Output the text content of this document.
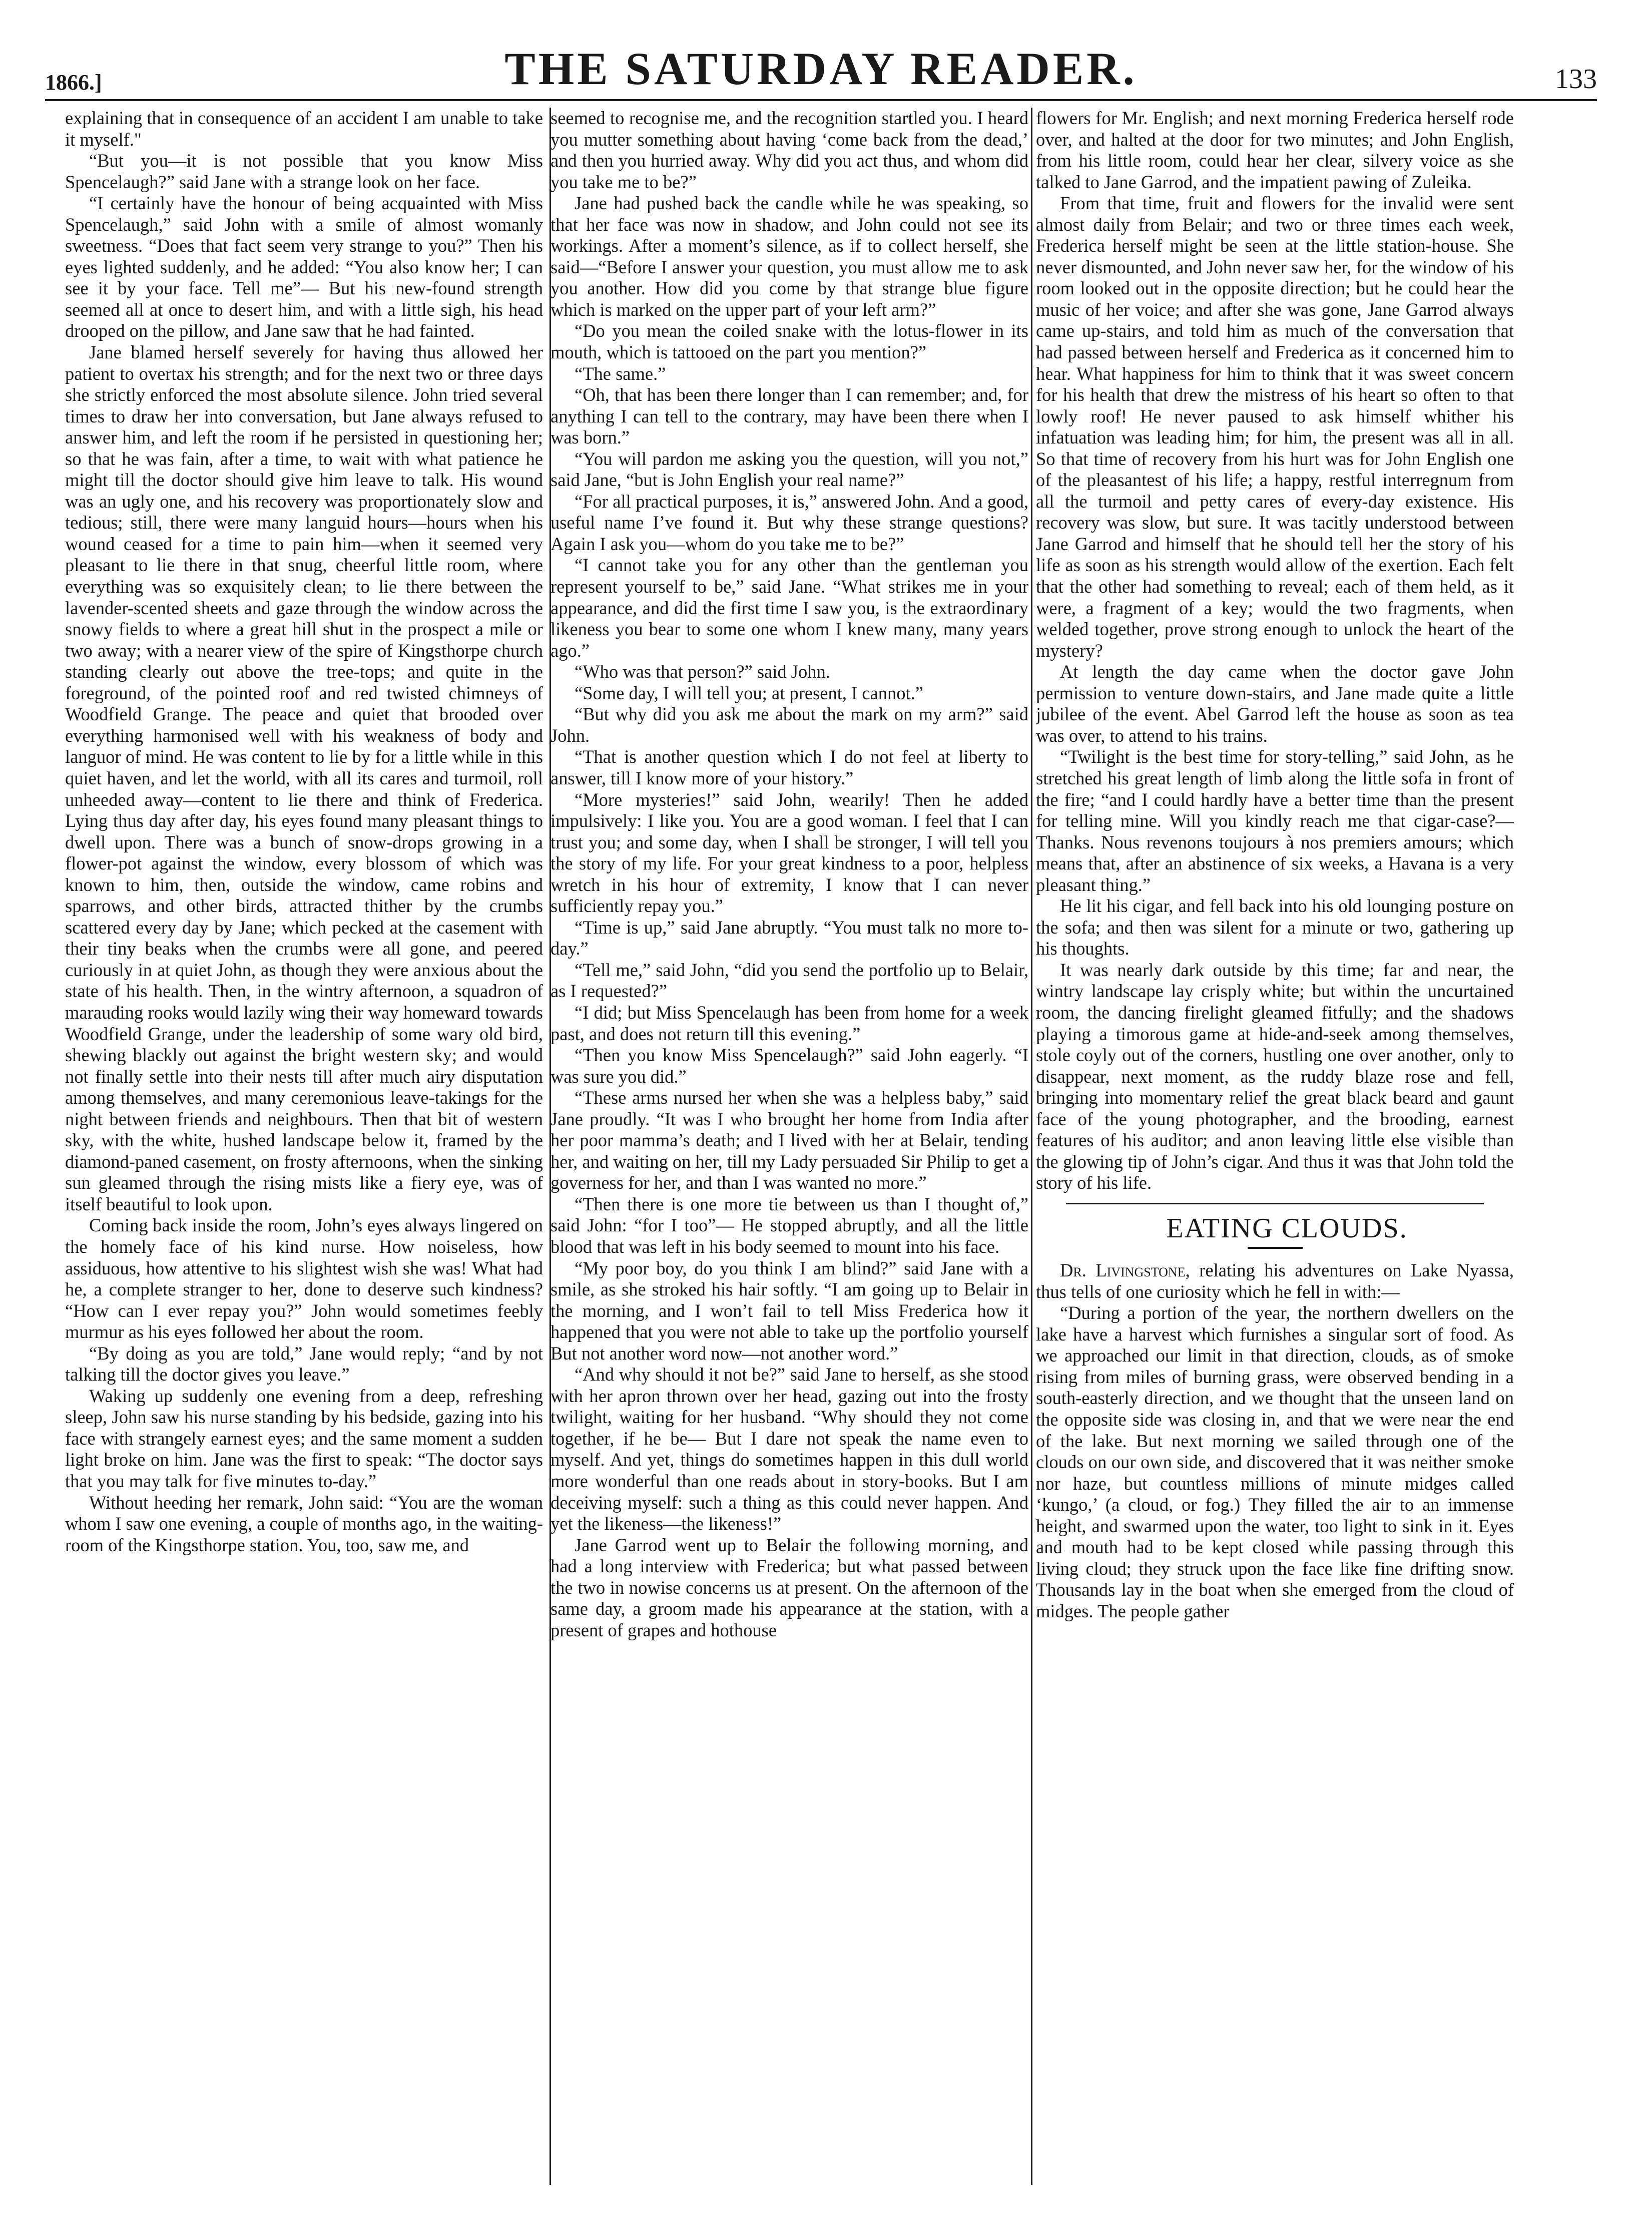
1866.]	THE SATURDAY READER.	133

explaining that in consequence of an accident I am unable to take it myself."

“But you—it is not possible that you know Miss Spencelaugh?” said Jane with a strange look on her face.

“I certainly have the honour of being acquainted with Miss Spencelaugh,” said John with a smile of almost womanly sweetness. “Does that fact seem very strange to you?” Then his eyes lighted suddenly, and he added: “You also know her; I can see it by your face. Tell me”— But his new-found strength seemed all at once to desert him, and with a little sigh, his head drooped on the pillow, and Jane saw that he had fainted.

Jane blamed herself severely for having thus allowed her patient to overtax his strength; and for the next two or three days she strictly enforced the most absolute silence. John tried several times to draw her into conversation, but Jane always refused to answer him, and left the room if he persisted in questioning her; so that he was fain, after a time, to wait with what patience he might till the doctor should give him leave to talk. His wound was an ugly one, and his recovery was proportionately slow and tedious; still, there were many languid hours—hours when his wound ceased for a time to pain him—when it seemed very pleasant to lie there in that snug, cheerful little room, where everything was so exquisitely clean; to lie there between the lavender-scented sheets and gaze through the window across the snowy fields to where a great hill shut in the prospect a mile or two away; with a nearer view of the spire of Kingsthorpe church standing clearly out above the tree-tops; and quite in the foreground, of the pointed roof and red twisted chimneys of Woodfield Grange. The peace and quiet that brooded over everything harmonised well with his weakness of body and languor of mind. He was content to lie by for a little while in this quiet haven, and let the world, with all its cares and turmoil, roll unheeded away—content to lie there and think of Frederica. Lying thus day after day, his eyes found many pleasant things to dwell upon. There was a bunch of snow-drops growing in a flower-pot against the window, every blossom of which was known to him, then, outside the window, came robins and sparrows, and other birds, attracted thither by the crumbs scattered every day by Jane; which pecked at the casement with their tiny beaks when the crumbs were all gone, and peered curiously in at quiet John, as though they were anxious about the state of his health. Then, in the wintry afternoon, a squadron of marauding rooks would lazily wing their way homeward towards Woodfield Grange, under the leadership of some wary old bird, shewing blackly out against the bright western sky; and would not finally settle into their nests till after much airy disputation among themselves, and many ceremonious leave-takings for the night between friends and neighbours. Then that bit of western sky, with the white, hushed landscape below it, framed by the diamond-paned casement, on frosty afternoons, when the sinking sun gleamed through the rising mists like a fiery eye, was of itself beautiful to look upon.

Coming back inside the room, John’s eyes always lingered on the homely face of his kind nurse. How noiseless, how assiduous, how attentive to his slightest wish she was! What had he, a complete stranger to her, done to deserve such kindness? “How can I ever repay you?” John would sometimes feebly murmur as his eyes followed her about the room.

“By doing as you are told,” Jane would reply; “and by not talking till the doctor gives you leave.”

Waking up suddenly one evening from a deep, refreshing sleep, John saw his nurse standing by his bedside, gazing into his face with strangely earnest eyes; and the same moment a sudden light broke on him. Jane was the first to speak: “The doctor says that you may talk for five minutes to-day.”

Without heeding her remark, John said: “You are the woman whom I saw one evening, a couple of months ago, in the waiting-room of the Kingsthorpe station. You, too, saw me, and

seemed to recognise me, and the recognition startled you. I heard you mutter something about having ‘come back from the dead,’ and then you hurried away. Why did you act thus, and whom did you take me to be?”

Jane had pushed back the candle while he was speaking, so that her face was now in shadow, and John could not see its workings. After a moment’s silence, as if to collect herself, she said—“Before I answer your question, you must allow me to ask you another. How did you come by that strange blue figure which is marked on the upper part of your left arm?”

“Do you mean the coiled snake with the lotus-flower in its mouth, which is tattooed on the part you mention?”

“The same.”

“Oh, that has been there longer than I can remember; and, for anything I can tell to the contrary, may have been there when I was born.”

“You will pardon me asking you the question, will you not,” said Jane, “but is John English your real name?”

“For all practical purposes, it is,” answered John. And a good, useful name I’ve found it. But why these strange questions? Again I ask you—whom do you take me to be?”

“I cannot take you for any other than the gentleman you represent yourself to be,” said Jane. “What strikes me in your appearance, and did the first time I saw you, is the extraordinary likeness you bear to some one whom I knew many, many years ago.”

“Who was that person?” said John.

“Some day, I will tell you; at present, I cannot.”

“But why did you ask me about the mark on my arm?” said John.

“That is another question which I do not feel at liberty to answer, till I know more of your history.”

“More mysteries!” said John, wearily! Then he added impulsively: I like you. You are a good woman. I feel that I can trust you; and some day, when I shall be stronger, I will tell you the story of my life. For your great kindness to a poor, helpless wretch in his hour of extremity, I know that I can never sufficiently repay you.”

“Time is up,” said Jane abruptly. “You must talk no more to-day.”

“Tell me,” said John, “did you send the portfolio up to Belair, as I requested?”

“I did; but Miss Spencelaugh has been from home for a week past, and does not return till this evening.”

“Then you know Miss Spencelaugh?” said John eagerly. “I was sure you did.”

“These arms nursed her when she was a helpless baby,” said Jane proudly. “It was I who brought her home from India after her poor mamma’s death; and I lived with her at Belair, tending her, and waiting on her, till my Lady persuaded Sir Philip to get a governess for her, and than I was wanted no more.”

“Then there is one more tie between us than I thought of,” said John: “for I too”— He stopped abruptly, and all the little blood that was left in his body seemed to mount into his face.

“My poor boy, do you think I am blind?” said Jane with a smile, as she stroked his hair softly. “I am going up to Belair in the morning, and I won’t fail to tell Miss Frederica how it happened that you were not able to take up the portfolio yourself But not another word now—not another word.”

“And why should it not be?” said Jane to herself, as she stood with her apron thrown over her head, gazing out into the frosty twilight, waiting for her husband. “Why should they not come together, if he be— But I dare not speak the name even to myself. And yet, things do sometimes happen in this dull world more wonderful than one reads about in story-books. But I am deceiving myself: such a thing as this could never happen. And yet the likeness—the likeness!”

Jane Garrod went up to Belair the following morning, and had a long interview with Frederica; but what passed between the two in nowise concerns us at present. On the afternoon of the same day, a groom made his appearance at the station, with a present of grapes and hothouse

flowers for Mr. English; and next morning Frederica herself rode over, and halted at the door for two minutes; and John English, from his little room, could hear her clear, silvery voice as she talked to Jane Garrod, and the impatient pawing of Zuleika.

From that time, fruit and flowers for the invalid were sent almost daily from Belair; and two or three times each week, Frederica herself might be seen at the little station-house. She never dismounted, and John never saw her, for the window of his room looked out in the opposite direction; but he could hear the music of her voice; and after she was gone, Jane Garrod always came up-stairs, and told him as much of the conversation that had passed between herself and Frederica as it concerned him to hear. What happiness for him to think that it was sweet concern for his health that drew the mistress of his heart so often to that lowly roof! He never paused to ask himself whither his infatuation was leading him; for him, the present was all in all. So that time of recovery from his hurt was for John English one of the pleasantest of his life; a happy, restful interregnum from all the turmoil and petty cares of every-day existence. His recovery was slow, but sure. It was tacitly understood between Jane Garrod and himself that he should tell her the story of his life as soon as his strength would allow of the exertion. Each felt that the other had something to reveal; each of them held, as it were, a fragment of a key; would the two fragments, when welded together, prove strong enough to unlock the heart of the mystery?

At length the day came when the doctor gave John permission to venture down-stairs, and Jane made quite a little jubilee of the event. Abel Garrod left the house as soon as tea was over, to attend to his trains.

“Twilight is the best time for story-telling,” said John, as he stretched his great length of limb along the little sofa in front of the fire; “and I could hardly have a better time than the present for telling mine. Will you kindly reach me that cigar-case?—Thanks. Nous revenons toujours à nos premiers amours; which means that, after an abstinence of six weeks, a Havana is a very pleasant thing.”

He lit his cigar, and fell back into his old lounging posture on the sofa; and then was silent for a minute or two, gathering up his thoughts.

It was nearly dark outside by this time; far and near, the wintry landscape lay crisply white; but within the uncurtained room, the dancing firelight gleamed fitfully; and the shadows playing a timorous game at hide-and-seek among themselves, stole coyly out of the corners, hustling one over another, only to disappear, next moment, as the ruddy blaze rose and fell, bringing into momentary relief the great black beard and gaunt face of the young photographer, and the brooding, earnest features of his auditor; and anon leaving little else visible than the glowing tip of John’s cigar. And thus it was that John told the story of his life.

EATING CLOUDS.

Dr. Livingstone, relating his adventures on Lake Nyassa, thus tells of one curiosity which he fell in with:—

“During a portion of the year, the northern dwellers on the lake have a harvest which furnishes a singular sort of food. As we approached our limit in that direction, clouds, as of smoke rising from miles of burning grass, were observed bending in a south-easterly direction, and we thought that the unseen land on the opposite side was closing in, and that we were near the end of the lake. But next morning we sailed through one of the clouds on our own side, and discovered that it was neither smoke nor haze, but countless millions of minute midges called ‘kungo,’ (a cloud, or fog.) They filled the air to an immense height, and swarmed upon the water, too light to sink in it. Eyes and mouth had to be kept closed while passing through this living cloud; they struck upon the face like fine drifting snow. Thousands lay in the boat when she emerged from the cloud of midges. The people gather
